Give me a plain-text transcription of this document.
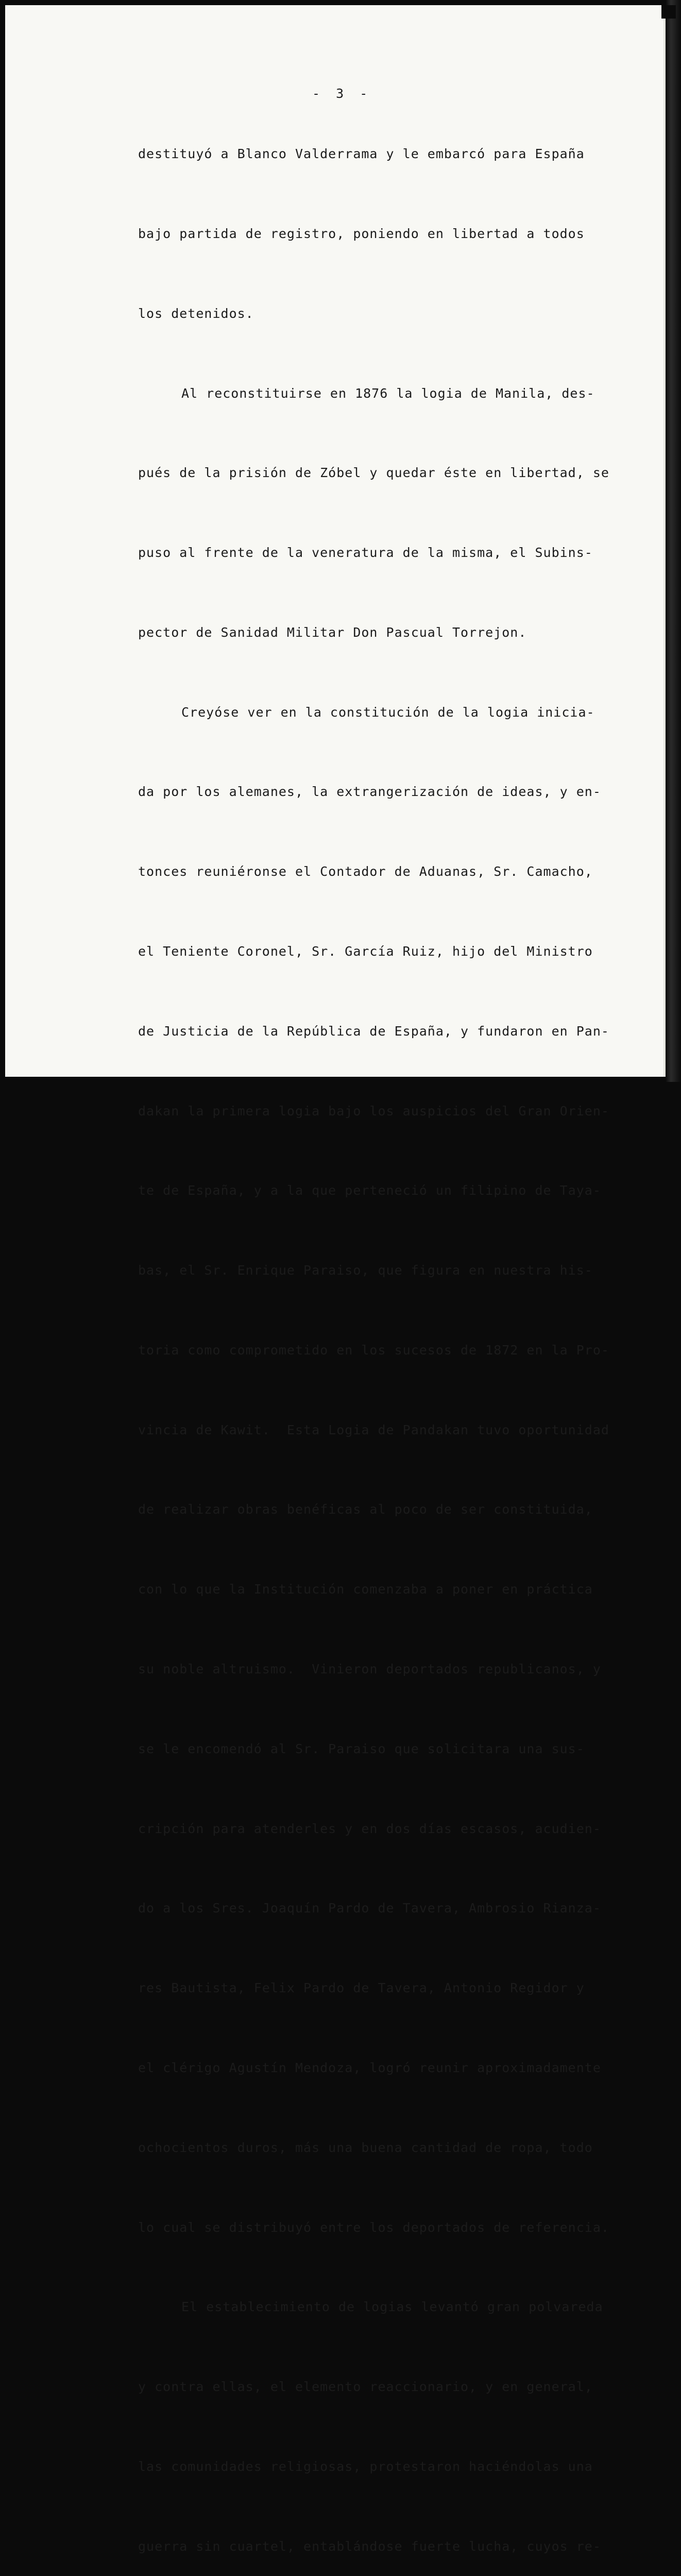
- 3 -

destituyó a Blanco Valderrama y le embarcó para España

bajo partida de registro, poniendo en libertad a todos

los detenidos.

Al reconstituirse en 1876 la logia de Manila, des-

pués de la prisión de Zóbel y quedar éste en libertad, se

puso al frente de la veneratura de la misma, el Subins-

pector de Sanidad Militar Don Pascual Torrejon.

Creyóse ver en la constitución de la logia inicia-

da por los alemanes, la extrangerización de ideas, y en-

tonces reuniéronse el Contador de Aduanas, Sr. Camacho,

el Teniente Coronel, Sr. García Ruiz, hijo del Ministro

de Justicia de la República de España, y fundaron en Pan-

dakan la primera logia bajo los auspicios del Gran Orien-

te de España, y a la que perteneció un filipino de Taya-

bas, el Sr. Enrique Paraiso, que figura en nuestra his-

toria como comprometido en los sucesos de 1872 en la Pro-

vincia de Kawit.  Esta Logia de Pandakan tuvo oportunidad

de realizar obras benéficas al poco de ser constituida,

con lo que la Institución comenzaba a poner en práctica

su noble altruismo.  Vinieron deportados republicanos, y

se le encomendó al Sr. Paraiso que solicitara una sus-

cripción para atenderles y en dos días escasos, acudien-

do a los Sres. Joaquín Pardo de Tavera, Ambrosio Rianza-

res Bautista, Felix Pardo de Tavera, Antonio Regidor y

el clérigo Agustín Mendoza, logró reunir aproximadamente

ochocientos duros, más una buena cantidad de ropa, todo

lo cual se distribuyó entre los deportados de referencia.

El establecimiento de logias levantó gran polvareda

y contra ellas, el elemento reaccionario, y en general,

las comunidades religiosas, protestaron haciéndolas una

guerra sin cuartel, entablándose fuerte lucha, cuyos re-
